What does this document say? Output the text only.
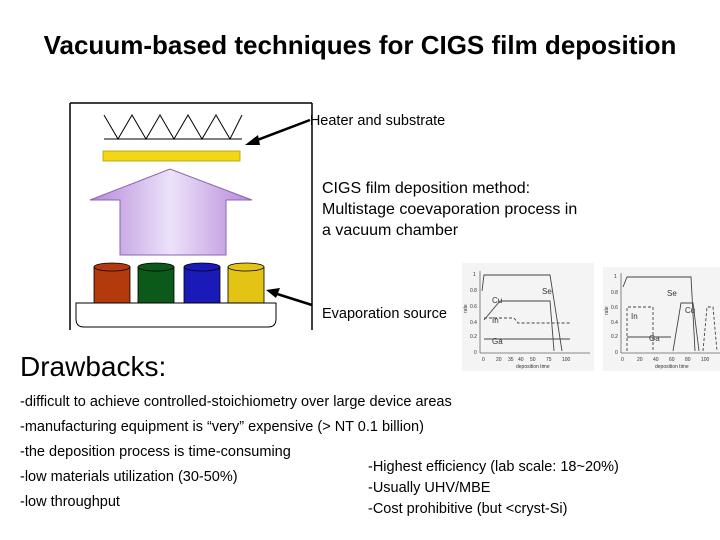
Vacuum-based techniques for CIGS film deposition
-Heater and substrate
CIGS film deposition method:
Multistage coevaporation process in
a vacuum chamber
Evaporation source
1
0.8
0.6
0.4
0.2
0
rate
0 20 35 40 50 75 100
deposition time
Se
Cu
In
Ga
1
0.8
0.6
0.4
0.2
0
rate
0	20 40 60 80 100
deposition time
Se
Cu
In
Ga
Drawbacks:
-difficult to achieve controlled-stoichiometry over large device areas
-manufacturing equipment is “very” expensive (> NT 0.1 billion)
-the deposition process is time-consuming
-low materials utilization (30-50%)
-low throughput
-Highest efficiency (lab scale: 18~20%)
-Usually UHV/MBE
-Cost prohibitive (but <cryst-Si)
